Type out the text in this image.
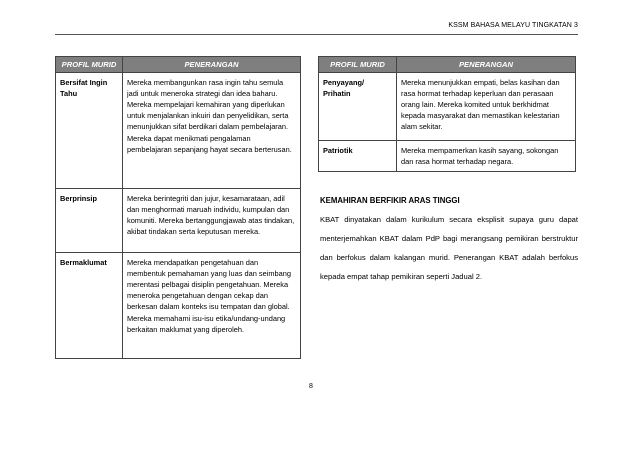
KSSM BAHASA MELAYU TINGKATAN 3
PROFIL MURID	PENERANGAN
Bersifat Ingin Tahu	Mereka membangunkan rasa ingin tahu semula jadi untuk meneroka strategi dan idea baharu. Mereka mempelajari kemahiran yang diperlukan untuk menjalankan inkuiri dan penyelidikan, serta menunjukkan sifat berdikari dalam pembelajaran. Mereka dapat menikmati pengalaman pembelajaran sepanjang hayat secara berterusan.
Berprinsip	Mereka berintegriti dan jujur, kesamarataan, adil dan menghormati maruah individu, kumpulan dan komuniti. Mereka bertanggungjawab atas tindakan, akibat tindakan serta keputusan mereka.
Bermaklumat	Mereka mendapatkan pengetahuan dan membentuk pemahaman yang luas dan seimbang merentasi pelbagai disiplin pengetahuan. Mereka meneroka pengetahuan dengan cekap dan berkesan dalam konteks isu tempatan dan global. Mereka memahami isu-isu etika/undang-undang berkaitan maklumat yang diperoleh.
PROFIL MURID	PENERANGAN
Penyayang/ Prihatin	Mereka menunjukkan empati, belas kasihan dan rasa hormat terhadap keperluan dan perasaan orang lain. Mereka komited untuk berkhidmat kepada masyarakat dan memastikan kelestarian alam sekitar.
Patriotik	Mereka mempamerkan kasih sayang, sokongan dan rasa hormat terhadap negara.
KEMAHIRAN BERFIKIR ARAS TINGGI
KBAT dinyatakan dalam kurikulum secara eksplisit supaya guru dapat menterjemahkan KBAT dalam PdP bagi merangsang pemikiran berstruktur dan berfokus dalam kalangan murid. Penerangan KBAT adalah berfokus kepada empat tahap pemikiran seperti Jadual 2.
8
